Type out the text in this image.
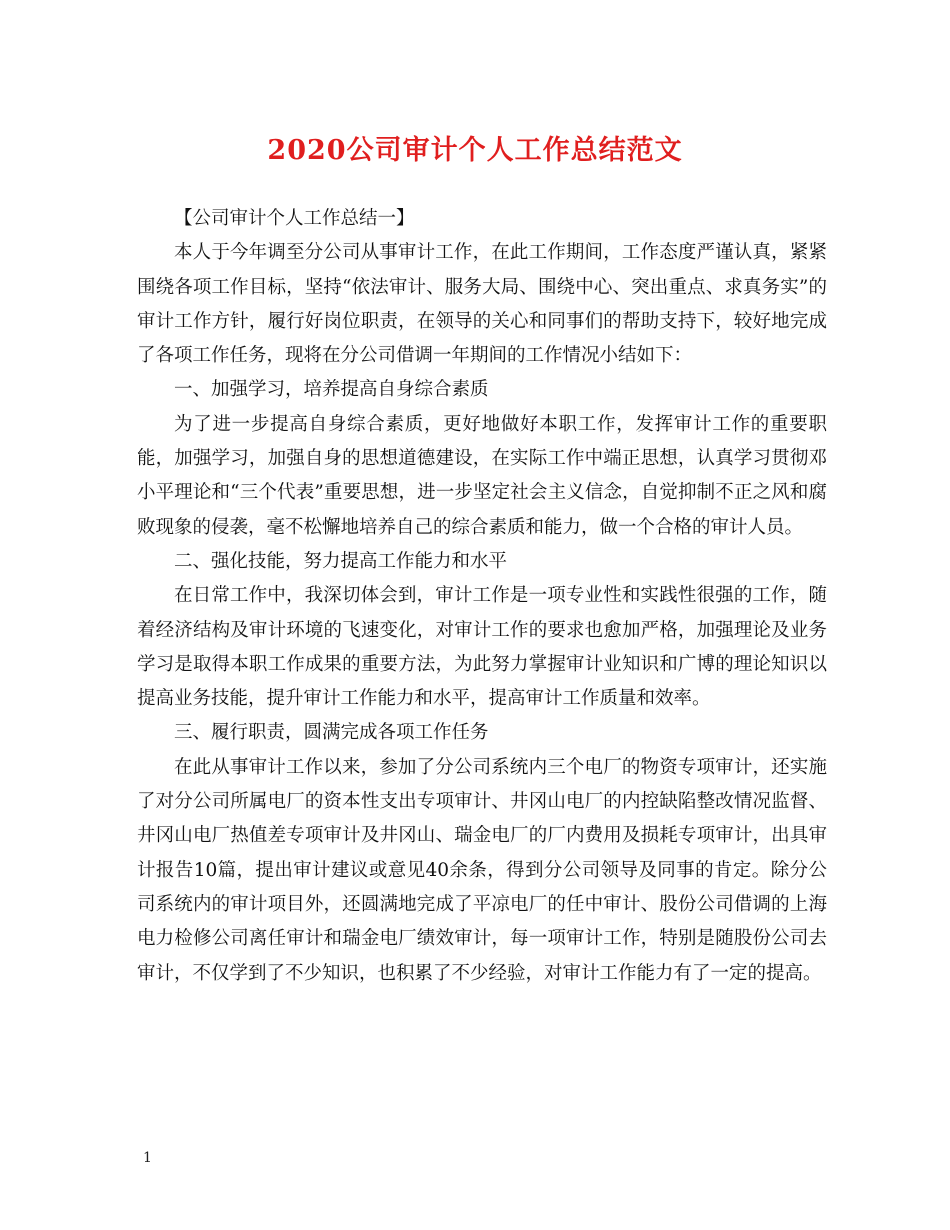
2020公司审计个人工作总结范文

【公司审计个人工作总结一】

本人于今年调至分公司从事审计工作，在此工作期间，工作态度严谨认真，紧紧围绕各项工作目标，坚持“依法审计、服务大局、围绕中心、突出重点、求真务实”的审计工作方针，履行好岗位职责，在领导的关心和同事们的帮助支持下，较好地完成了各项工作任务，现将在分公司借调一年期间的工作情况小结如下：

一、加强学习，培养提高自身综合素质

为了进一步提高自身综合素质，更好地做好本职工作，发挥审计工作的重要职能，加强学习，加强自身的思想道德建设，在实际工作中端正思想，认真学习贯彻邓小平理论和“三个代表”重要思想，进一步坚定社会主义信念，自觉抑制不正之风和腐败现象的侵袭，毫不松懈地培养自己的综合素质和能力，做一个合格的审计人员。

二、强化技能，努力提高工作能力和水平

在日常工作中，我深切体会到，审计工作是一项专业性和实践性很强的工作，随着经济结构及审计环境的飞速变化，对审计工作的要求也愈加严格，加强理论及业务学习是取得本职工作成果的重要方法，为此努力掌握审计业知识和广博的理论知识以提高业务技能，提升审计工作能力和水平，提高审计工作质量和效率。

三、履行职责，圆满完成各项工作任务

在此从事审计工作以来，参加了分公司系统内三个电厂的物资专项审计，还实施了对分公司所属电厂的资本性支出专项审计、井冈山电厂的内控缺陷整改情况监督、井冈山电厂热值差专项审计及井冈山、瑞金电厂的厂内费用及损耗专项审计，出具审计报告10篇，提出审计建议或意见40余条，得到分公司领导及同事的肯定。除分公司系统内的审计项目外，还圆满地完成了平凉电厂的任中审计、股份公司借调的上海电力检修公司离任审计和瑞金电厂绩效审计，每一项审计工作，特别是随股份公司去审计，不仅学到了不少知识，也积累了不少经验，对审计工作能力有了一定的提高。

1
